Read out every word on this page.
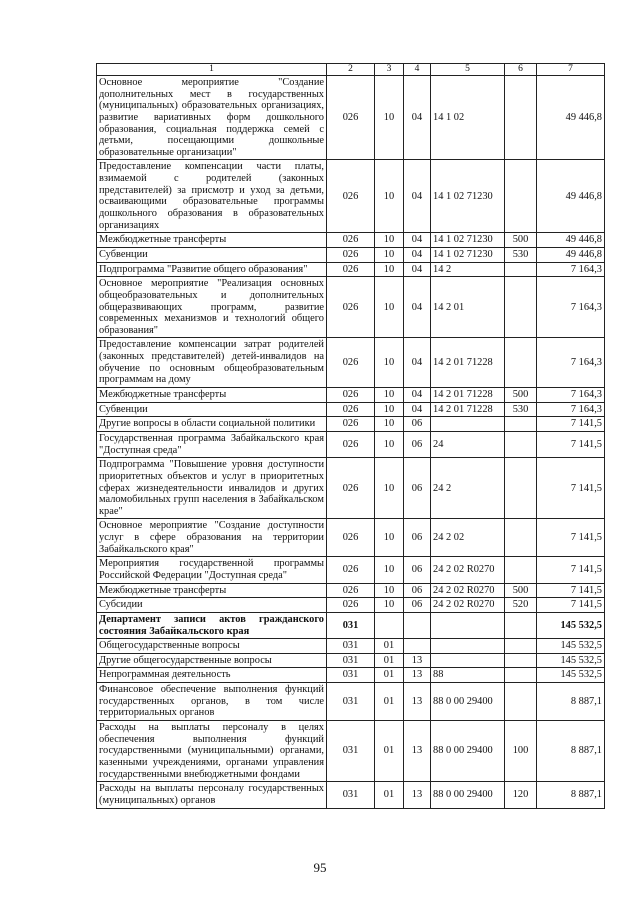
1	2	3	4	5	6	7
Основное мероприятие "Создание дополнительных мест в государственных (муниципальных) образовательных организациях, развитие вариативных форм дошкольного образования, социальная поддержка семей с детьми, посещающими дошкольные образовательные организации"	026	10	04	14 1 02		49 446,8
Предоставление компенсации части платы, взимаемой с родителей (законных представителей) за присмотр и уход за детьми, осваивающими образовательные программы дошкольного образования в образовательных организациях	026	10	04	14 1 02 71230		49 446,8
Межбюджетные трансферты	026	10	04	14 1 02 71230	500	49 446,8
Субвенции	026	10	04	14 1 02 71230	530	49 446,8
Подпрограмма "Развитие общего образования"	026	10	04	14 2		7 164,3
Основное мероприятие "Реализация основных общеобразовательных и дополнительных общеразвивающих программ, развитие современных механизмов и технологий общего образования"	026	10	04	14 2 01		7 164,3
Предоставление компенсации затрат родителей (законных представителей) детей-инвалидов на обучение по основным общеобразовательным программам на дому	026	10	04	14 2 01 71228		7 164,3
Межбюджетные трансферты	026	10	04	14 2 01 71228	500	7 164,3
Субвенции	026	10	04	14 2 01 71228	530	7 164,3
Другие вопросы в области социальной политики	026	10	06			7 141,5
Государственная программа Забайкальского края "Доступная среда"	026	10	06	24		7 141,5
Подпрограмма "Повышение уровня доступности приоритетных объектов и услуг в приоритетных сферах жизнедеятельности инвалидов и других маломобильных групп населения в Забайкальском крае"	026	10	06	24 2		7 141,5
Основное мероприятие "Создание доступности услуг в сфере образования на территории Забайкальского края"	026	10	06	24 2 02		7 141,5
Мероприятия государственной программы Российской Федерации "Доступная среда"	026	10	06	24 2 02 R0270		7 141,5
Межбюджетные трансферты	026	10	06	24 2 02 R0270	500	7 141,5
Субсидии	026	10	06	24 2 02 R0270	520	7 141,5
Департамент записи актов гражданского состояния Забайкальского края	031					145 532,5
Общегосударственные вопросы	031	01				145 532,5
Другие общегосударственные вопросы	031	01	13			145 532,5
Непрограммная деятельность	031	01	13	88		145 532,5
Финансовое обеспечение выполнения функций государственных органов, в том числе территориальных органов	031	01	13	88 0 00 29400		8 887,1
Расходы на выплаты персоналу в целях обеспечения выполнения функций государственными (муниципальными) органами, казенными учреждениями, органами управления государственными внебюджетными фондами	031	01	13	88 0 00 29400	100	8 887,1
Расходы на выплаты персоналу государственных (муниципальных) органов	031	01	13	88 0 00 29400	120	8 887,1
95
